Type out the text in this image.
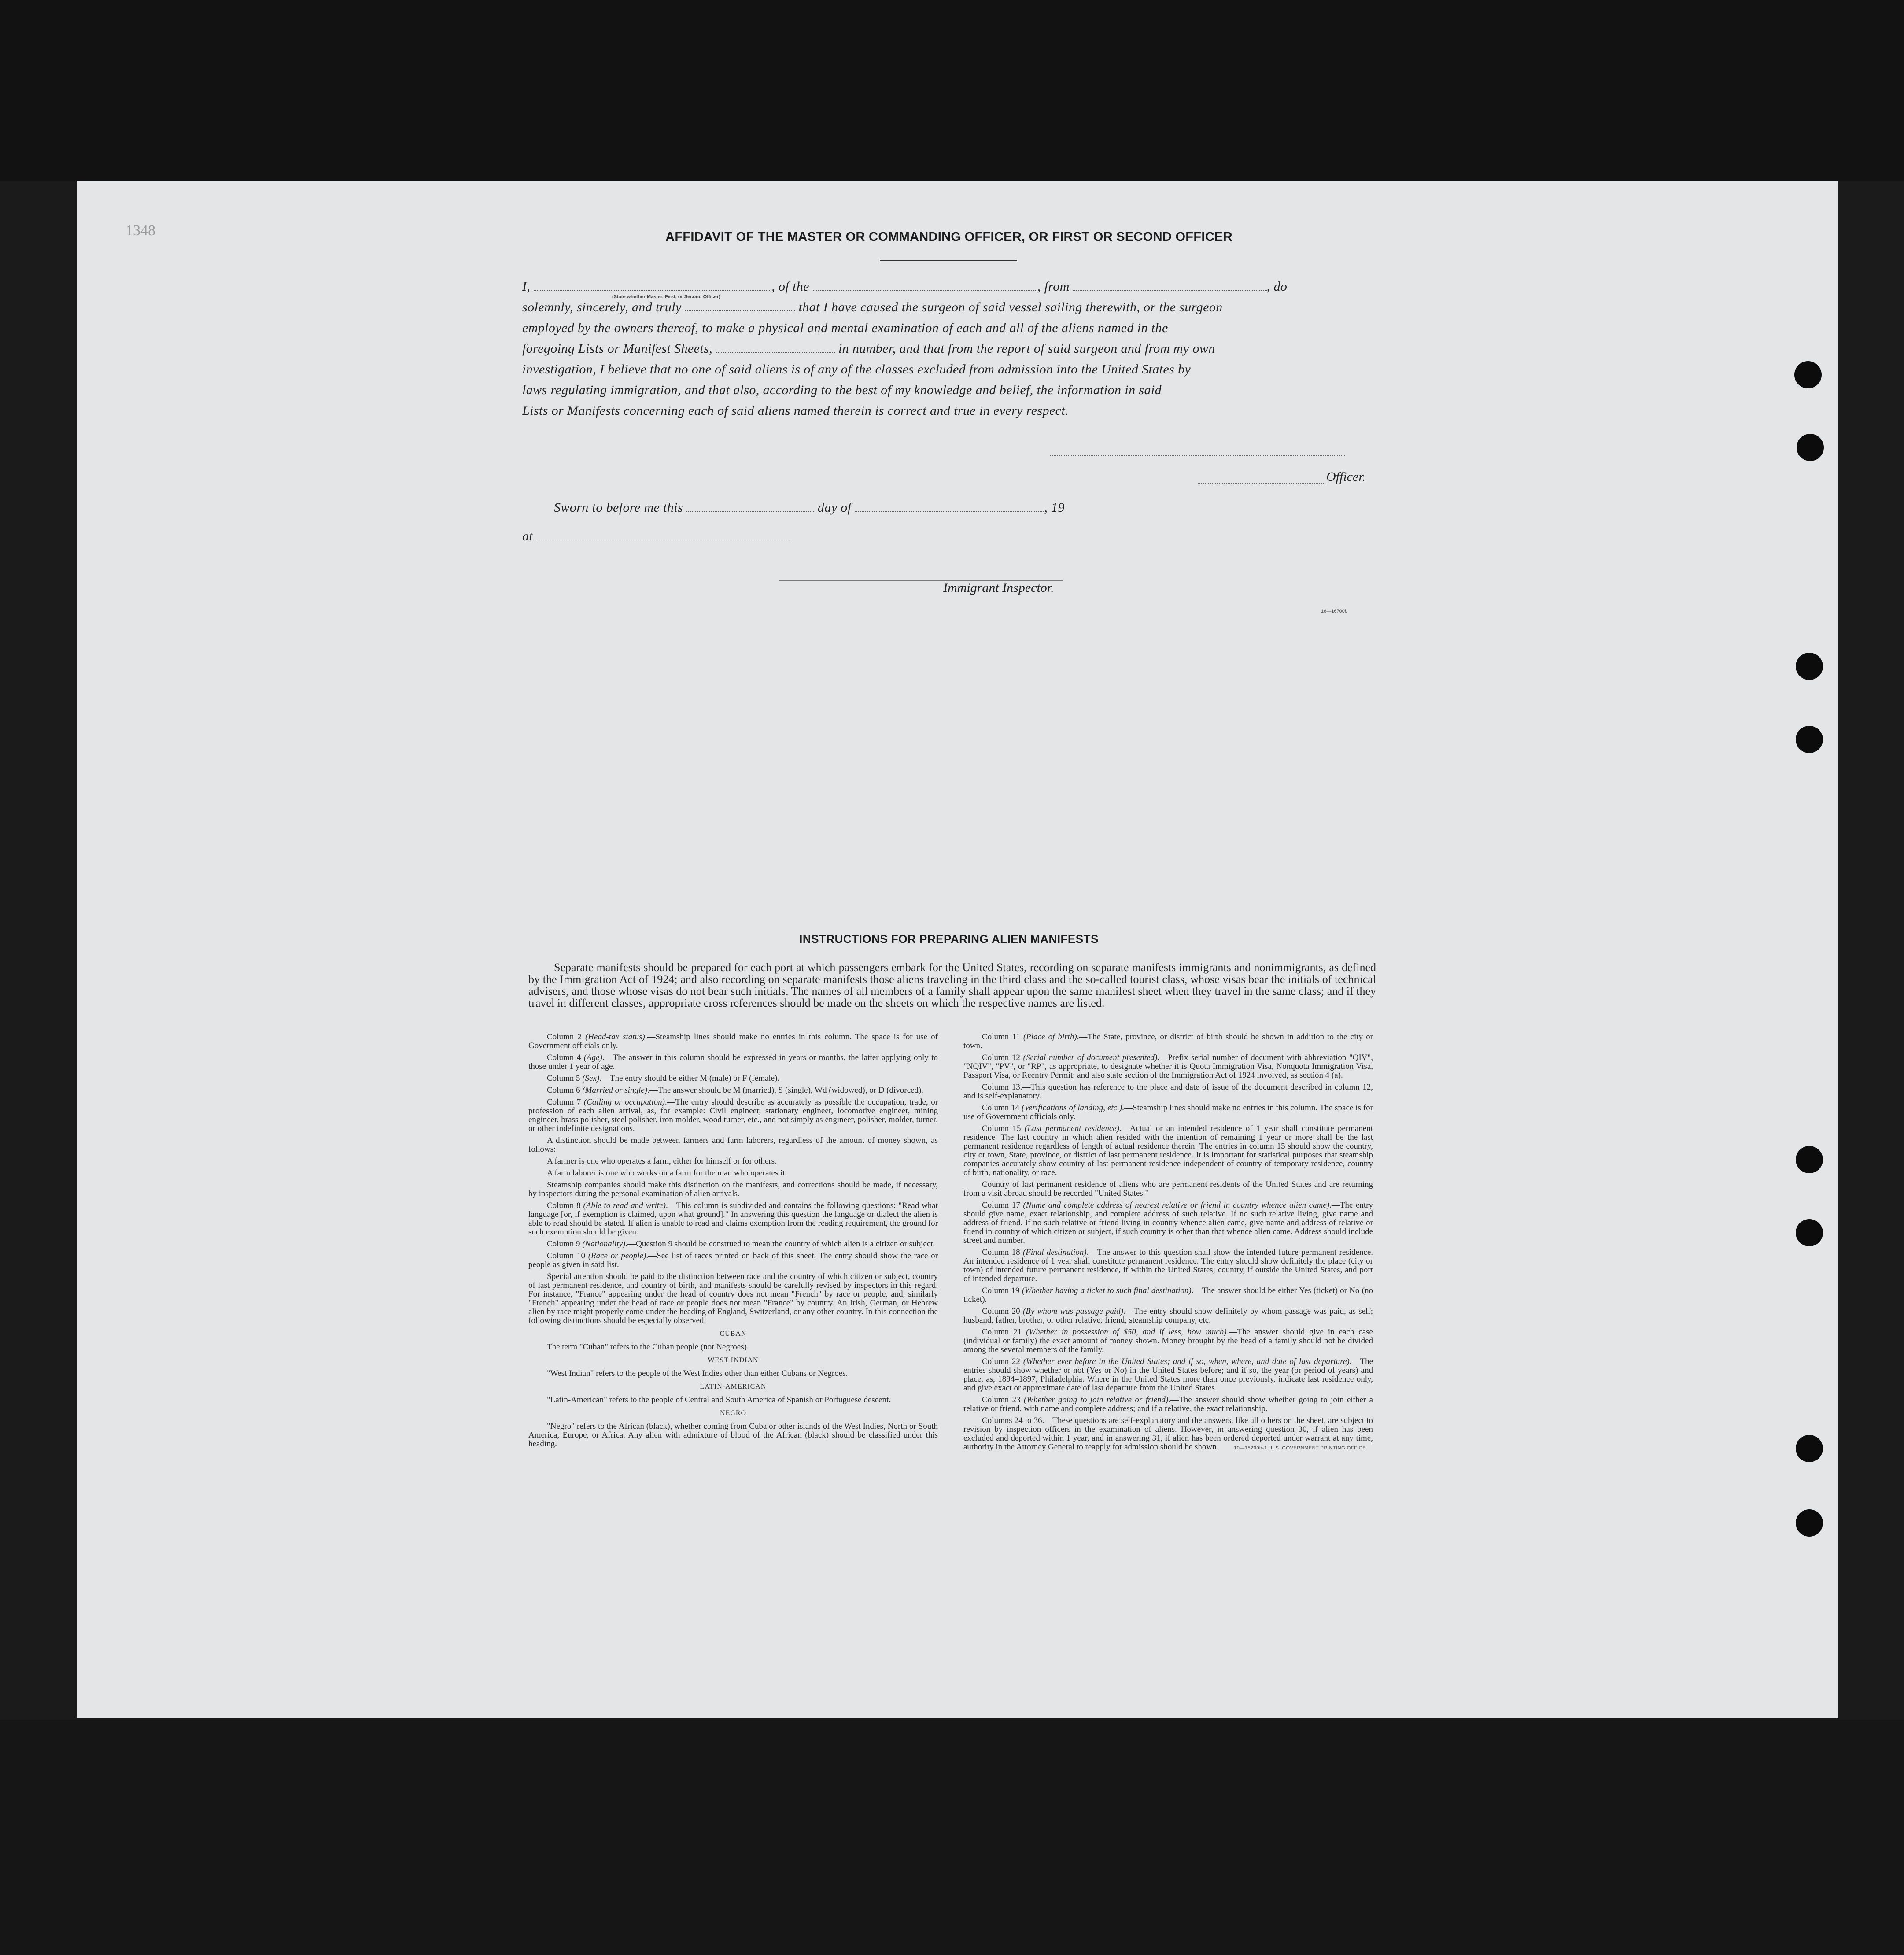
1348	AFFIDAVIT OF THE MASTER OR COMMANDING OFFICER, OR FIRST OR SECOND OFFICER
I,	, of the	, from	, do
(State whether Master, First, or Second Officer)
solemnly, sincerely, and truly	that I have caused the surgeon of said vessel sailing therewith, or the surgeon
employed by the owners thereof, to make a physical and mental examination of each and all of the aliens named in the
foregoing Lists or Manifest Sheets,	in number, and that from the report of said surgeon and from my own
investigation, I believe that no one of said aliens is of any of the classes excluded from admission into the United States by
laws regulating immigration, and that also, according to the best of my knowledge and belief, the information in said
Lists or Manifests concerning each of said aliens named therein is correct and true in every respect.
Officer.
Sworn to before me this	day of	, 19
at
Immigrant Inspector.
16—16700b
INSTRUCTIONS FOR PREPARING ALIEN MANIFESTS
Separate manifests should be prepared for each port at which passengers embark for the United States, recording on separate manifests immigrants and nonimmigrants, as defined by the Immigration Act of 1924; and also recording on separate manifests those aliens traveling in the third class and the so-called tourist class, whose visas bear the initials of technical advisers, and those whose visas do not bear such initials. The names of all members of a family shall appear upon the same manifest sheet when they travel in the same class; and if they travel in different classes, appropriate cross references should be made on the sheets on which the respective names are listed.

Column 2 (Head-tax status).—Steamship lines should make no entries in this column. The space is for use of Government officials only.

Column 4 (Age).—The answer in this column should be expressed in years or months, the latter applying only to those under 1 year of age.

Column 5 (Sex).—The entry should be either M (male) or F (female).

Column 6 (Married or single).—The answer should be M (married), S (single), Wd (widowed), or D (divorced).

Column 7 (Calling or occupation).—The entry should describe as accurately as possible the occupation, trade, or profession of each alien arrival, as, for example: Civil engineer, stationary engineer, locomotive engineer, mining engineer, brass polisher, steel polisher, iron molder, wood turner, etc., and not simply as engineer, polisher, molder, turner, or other indefinite designations.

A distinction should be made between farmers and farm laborers, regardless of the amount of money shown, as follows:

A farmer is one who operates a farm, either for himself or for others.

A farm laborer is one who works on a farm for the man who operates it.

Steamship companies should make this distinction on the manifests, and corrections should be made, if necessary, by inspectors during the personal examination of alien arrivals.

Column 8 (Able to read and write).—This column is subdivided and contains the following questions: "Read what language [or, if exemption is claimed, upon what ground]." In answering this question the language or dialect the alien is able to read should be stated. If alien is unable to read and claims exemption from the reading requirement, the ground for such exemption should be given.

Column 9 (Nationality).—Question 9 should be construed to mean the country of which alien is a citizen or subject.

Column 10 (Race or people).—See list of races printed on back of this sheet. The entry should show the race or people as given in said list.

Special attention should be paid to the distinction between race and the country of which citizen or subject, country of last permanent residence, and country of birth, and manifests should be carefully revised by inspectors in this regard. For instance, "France" appearing under the head of country does not mean "French" by race or people, and, similarly "French" appearing under the head of race or people does not mean "France" by country. An Irish, German, or Hebrew alien by race might properly come under the heading of England, Switzerland, or any other country. In this connection the following distinctions should be especially observed:

CUBAN

The term "Cuban" refers to the Cuban people (not Negroes).

WEST INDIAN

"West Indian" refers to the people of the West Indies other than either Cubans or Negroes.

LATIN-AMERICAN

"Latin-American" refers to the people of Central and South America of Spanish or Portuguese descent.

NEGRO

"Negro" refers to the African (black), whether coming from Cuba or other islands of the West Indies, North or South America, Europe, or Africa. Any alien with admixture of blood of the African (black) should be classified under this heading.

Column 11 (Place of birth).—The State, province, or district of birth should be shown in addition to the city or town.

Column 12 (Serial number of document presented).—Prefix serial number of document with abbreviation "QIV", "NQIV", "PV", or "RP", as appropriate, to designate whether it is Quota Immigration Visa, Nonquota Immigration Visa, Passport Visa, or Reentry Permit; and also state section of the Immigration Act of 1924 involved, as section 4 (a).

Column 13.—This question has reference to the place and date of issue of the document described in column 12, and is self-explanatory.

Column 14 (Verifications of landing, etc.).—Steamship lines should make no entries in this column. The space is for use of Government officials only.

Column 15 (Last permanent residence).—Actual or an intended residence of 1 year shall constitute permanent residence. The last country in which alien resided with the intention of remaining 1 year or more shall be the last permanent residence regardless of length of actual residence therein. The entries in column 15 should show the country, city or town, State, province, or district of last permanent residence. It is important for statistical purposes that steamship companies accurately show country of last permanent residence independent of country of temporary residence, country of birth, nationality, or race.

Country of last permanent residence of aliens who are permanent residents of the United States and are returning from a visit abroad should be recorded "United States."

Column 17 (Name and complete address of nearest relative or friend in country whence alien came).—The entry should give name, exact relationship, and complete address of such relative. If no such relative living, give name and address of friend. If no such relative or friend living in country whence alien came, give name and address of relative or friend in country of which citizen or subject, if such country is other than that whence alien came. Address should include street and number.

Column 18 (Final destination).—The answer to this question shall show the intended future permanent residence. An intended residence of 1 year shall constitute permanent residence. The entry should show definitely the place (city or town) of intended future permanent residence, if within the United States; country, if outside the United States, and port of intended departure.

Column 19 (Whether having a ticket to such final destination).—The answer should be either Yes (ticket) or No (no ticket).

Column 20 (By whom was passage paid).—The entry should show definitely by whom passage was paid, as self; husband, father, brother, or other relative; friend; steamship company, etc.

Column 21 (Whether in possession of $50, and if less, how much).—The answer should give in each case (individual or family) the exact amount of money shown. Money brought by the head of a family should not be divided among the several members of the family.

Column 22 (Whether ever before in the United States; and if so, when, where, and date of last departure).—The entries should show whether or not (Yes or No) in the United States before; and if so, the year (or period of years) and place, as, 1894–1897, Philadelphia. Where in the United States more than once previously, indicate last residence only, and give exact or approximate date of last departure from the United States.

Column 23 (Whether going to join relative or friend).—The answer should show whether going to join either a relative or friend, with name and complete address; and if a relative, the exact relationship.

Columns 24 to 36.—These questions are self-explanatory and the answers, like all others on the sheet, are subject to revision by inspection officers in the examination of aliens. However, in answering question 30, if alien has been excluded and deported within 1 year, and in answering 31, if alien has been ordered deported under warrant at any time, authority in the Attorney General to reapply for admission should be shown.	10—15200b-1 U. S. GOVERNMENT PRINTING OFFICE
